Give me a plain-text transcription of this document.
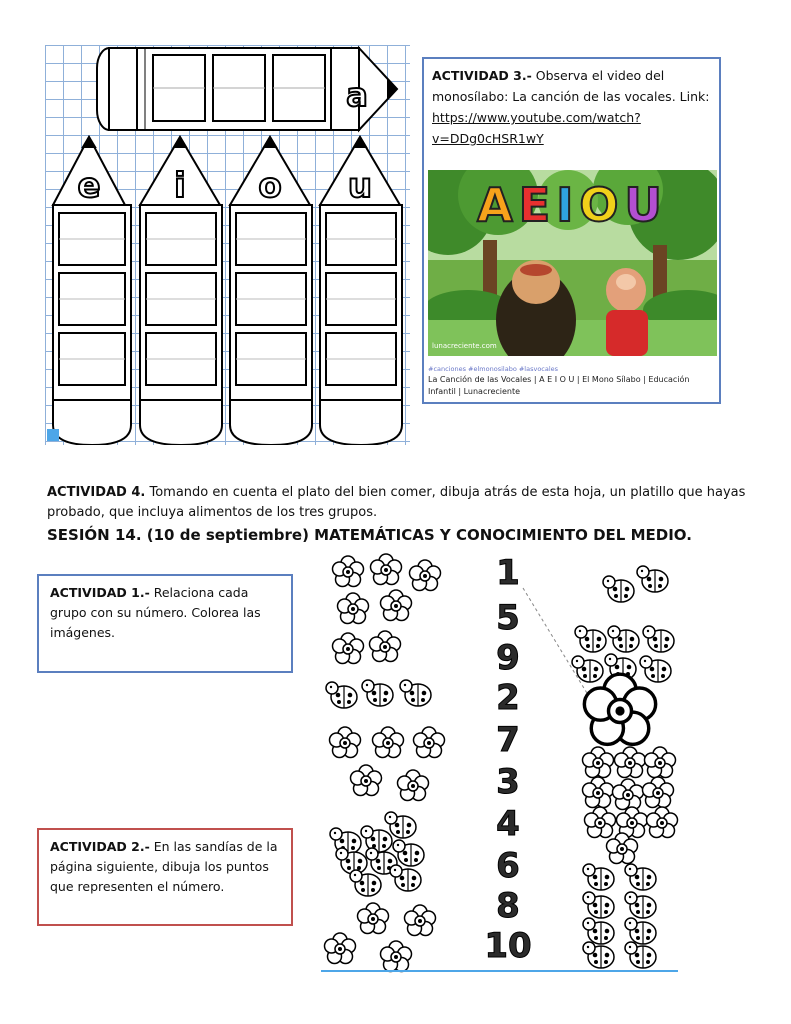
a
e i o u
ACTIVIDAD 3.- Observa el video del monosílabo: La canción de las vocales. Link:
https://www.youtube.com/watch?v=DDg0cHSR1wY
AEIOU
lunacreciente.com
#canciones #elmonosilabo #lasvocales
La Canción de las Vocales | A E I O U | El Mono Sílabo | Educación Infantil | Lunacreciente
ACTIVIDAD 4. Tomando en cuenta el plato del bien comer, dibuja atrás de esta hoja, un platillo que hayas probado, que incluya alimentos de los tres grupos.
SESIÓN 14. (10 de septiembre) MATEMÁTICAS Y CONOCIMIENTO DEL MEDIO.
ACTIVIDAD 1.- Relaciona cada grupo con su número. Colorea las imágenes.
ACTIVIDAD 2.- En las sandías de la página siguiente, dibuja los puntos que representen el número.
1
5
9
2
7
3
4
6
8
10
